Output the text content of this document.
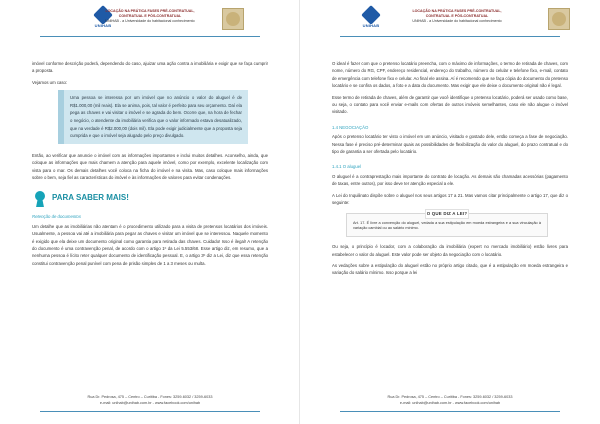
UNIHAB
LOCAÇÃO NA PRÁTICA FASES PRÉ-CONTRATUAL,
CONTRATUAL E PÓS-CONTRATUAL
UNIHAB - a Universidade do habitacional conhecimento

imóvel conforme descrição poderá, dependendo do caso, ajuizar uma ação contra a imobiliária e exigir que se faça cumprir a proposta.

Vejamos um caso:

Uma pessoa se interessa por um imóvel que no anúncio o valor do aluguel é de R$1.000,00 (mil reais). Ela se anima, pois, tal valor é perfeito para seu orçamento. Daí ela pega as chaves e vai visitar o imóvel e se agrada do bem. Ocorre que, na hora de fechar o negócio, o atendente da imobiliária verifica que o valor informado estava desatualizado, que na verdade é R$2.000,00 (dois mil). Ela pode exigir judicialmente que a proposta seja cumprida e que o imóvel seja alugado pelo preço divulgado.

Então, ao verificar que anuncie o imóvel com as informações importantes e inclui muitos detalhes. Aconselho, ainda, que coloque as informações que mais chamem a atenção para aquele imóvel, como por exemplo, excelente localização com vista para o mar. Os demais detalhes você coloca na ficha do imóvel e na visita. Mas, caso coloque mais informações sobre o bem, seja fiel as características do imóvel e às informações de valores para evitar condenações.

PARA SABER MAIS!
Retenção de documentos

Um detalhe que as imobiliárias não atentam é o procedimento utilizado para a visita de pretensos locatários dos imóveis. Usualmente, a pessoa vai até a imobiliária para pegar as chaves e visitar um imóvel que se interessou. Naquele momento é exigido que ela deixe um documento original como garantia para retirada das chaves. Cuidado! Isso é ilegal! A retenção do documento é uma contravenção penal, de acordo com o artigo 1º da Lei 5.553/68. Esse artigo diz, em resumo, que a nenhuma pessoa é lícito reter qualquer documento de identificação pessoal. E, o artigo 3º diz a Lei, diz que essa retenção constitui contravenção penal punível com pena de prisão simples de 1 a 3 meses ou multa.

Rua Dr. Pedrosa, 475 – Centro – Curitiba - Fones: 3259-6032 / 3259-6033
e-mail: unihab@unihab.com.br - www.facebook.com/unihab
UNIHAB
LOCAÇÃO NA PRÁTICA FASES PRÉ-CONTRATUAL,
CONTRATUAL E PÓS-CONTRATUAL
UNIHAB - a Universidade do habitacional conhecimento

O ideal é fazer com que o pretenso locatário preencha, com o máximo de informações, o termo de retirada de chaves, com nome, número do RG, CPF, endereço residencial, endereço do trabalho, número do celular e telefone fixo, e-mail, contato de emergência com telefone fixo e celular. Ao final ele assina. Aí é recomendo que se faça cópia do documento do pretenso locatário e se confira os dados, a foto e a data do documento. Mas exigir que ele deixe o documento original não é legal.

Esse termo de retirada de chaves, além de garantir que você identifique o pretenso locatário, poderá ser usado como base, ou seja, o contato para você enviar e-mails com ofertas de outros imóveis semelhantes, caso ele não alugue o imóvel visitado.

1.4 NEGOCIAÇÃO

Após o pretenso locatário ter visto o imóvel em um anúncio, visitado e gostado dele, então começa a fase de negociação. Nessa fase é preciso pré-determinar quais as possibilidades de flexibilização do valor do aluguel, do prazo contratual e do tipo de garantia a ser ofertada pelo locatário.

1.4.1 O aluguel

O aluguel é a contraprestação mais importante do contrato de locação. As demais são chamadas acessórias (pagamento de taxas, entre outros), por isso deve ter atenção especial a ele.

A Lei do Inquilinato dispõe sobre o aluguel nos seus artigos 17 a 21. Mas vamos citar principalmente o artigo 17, que diz o seguinte:

O QUE DIZ A LEI?
Art. 17. É livre a convenção do aluguel, vedada a sua estipulação em moeda estrangeira e a sua vinculação à variação cambial ou ao salário mínimo.

Ou seja, o princípio é locador, com a colaboração da imobiliária (expert no mercado imobiliário) estão livres para estabelecer o valor do aluguel. Este valor pode ser objeto da negociação com o locatário.

As vedações sobre a estipulação do aluguel estão no próprio artigo citado, que é a estipulação em moeda estrangeira e variação do salário mínimo. Isso porque a lei

Rua Dr. Pedrosa, 475 – Centro – Curitiba - Fones: 3259-6032 / 3259-6033
e-mail: unihab@unihab.com.br - www.facebook.com/unihab
